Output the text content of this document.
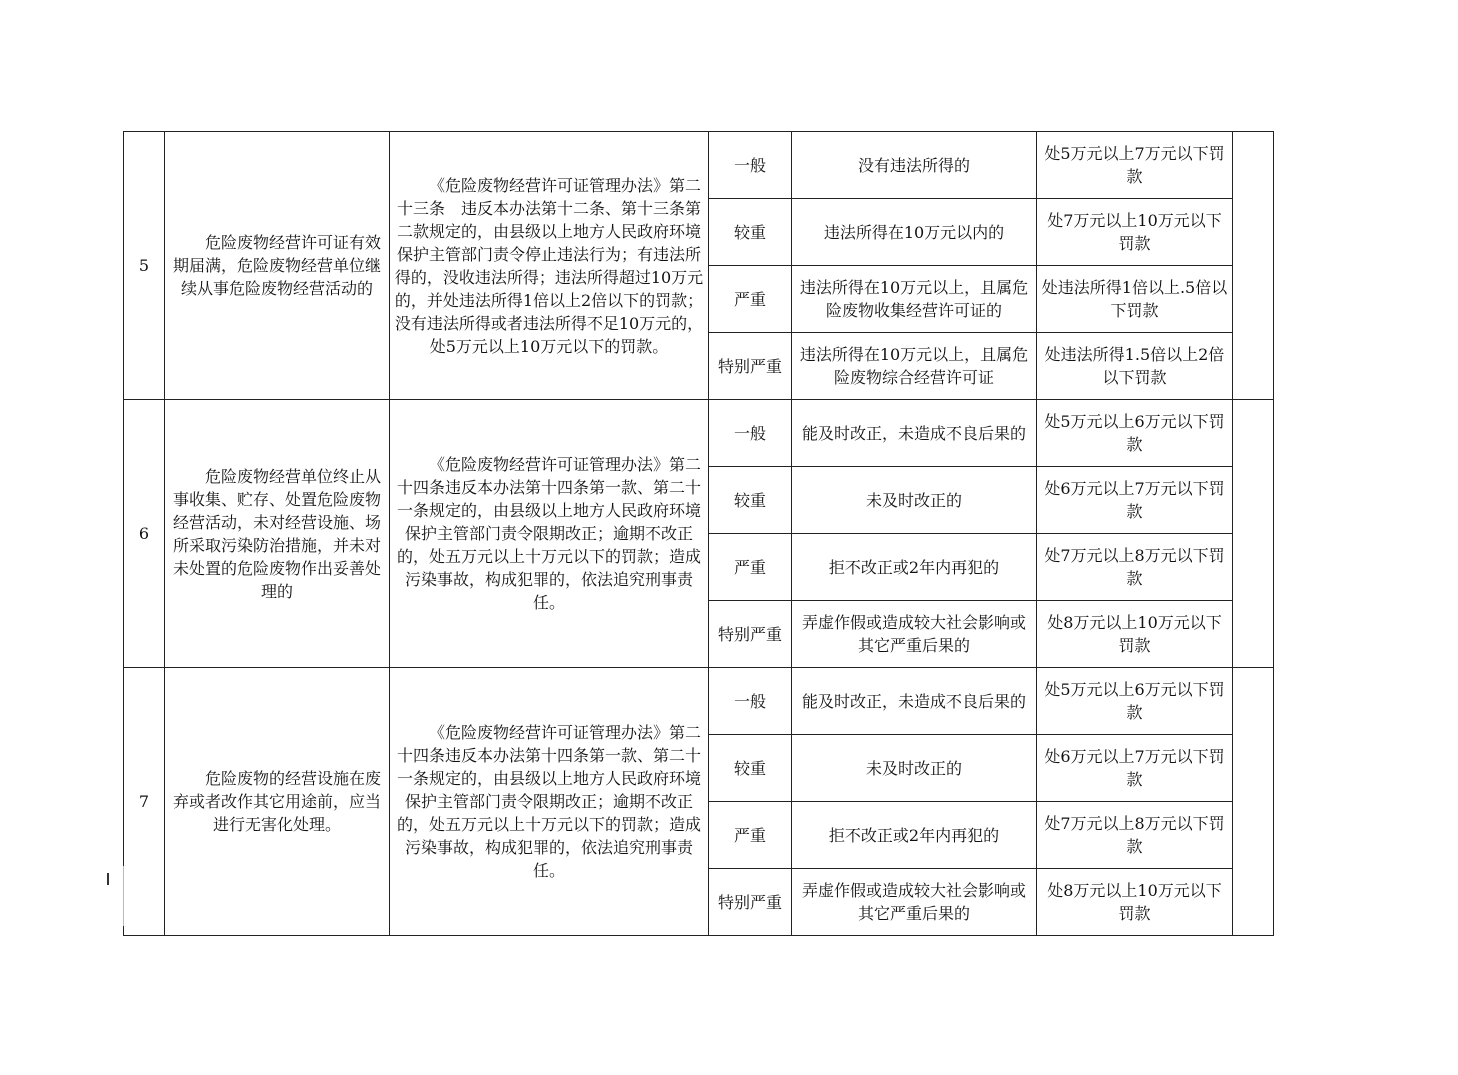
5	危险废物经营许可证有效期届满，危险废物经营单位继续从事危险废物经营活动的	《危险废物经营许可证管理办法》第二十三条　违反本办法第十二条、第十三条第二款规定的，由县级以上地方人民政府环境保护主管部门责令停止违法行为；有违法所得的，没收违法所得；违法所得超过10万元的，并处违法所得1倍以上2倍以下的罚款；没有违法所得或者违法所得不足10万元的，处5万元以上10万元以下的罚款。	一般	没有违法所得的	处5万元以上7万元以下罚款	
			较重	违法所得在10万元以内的	处7万元以上10万元以下罚款	
			严重	违法所得在10万元以上，且属危险废物收集经营许可证的	处违法所得1倍以上.5倍以下罚款	
			特别严重	违法所得在10万元以上，且属危险废物综合经营许可证	处违法所得1.5倍以上2倍以下罚款	
6	危险废物经营单位终止从事收集、贮存、处置危险废物经营活动，未对经营设施、场所采取污染防治措施，并未对未处置的危险废物作出妥善处理的	《危险废物经营许可证管理办法》第二十四条违反本办法第十四条第一款、第二十一条规定的，由县级以上地方人民政府环境保护主管部门责令限期改正；逾期不改正的，处五万元以上十万元以下的罚款；造成污染事故，构成犯罪的，依法追究刑事责任。	一般	能及时改正，未造成不良后果的	处5万元以上6万元以下罚款	
			较重	未及时改正的	处6万元以上7万元以下罚款	
			严重	拒不改正或2年内再犯的	处7万元以上8万元以下罚款	
			特别严重	弄虚作假或造成较大社会影响或其它严重后果的	处8万元以上10万元以下罚款	
7	危险废物的经营设施在废弃或者改作其它用途前，应当进行无害化处理。	《危险废物经营许可证管理办法》第二十四条违反本办法第十四条第一款、第二十一条规定的，由县级以上地方人民政府环境保护主管部门责令限期改正；逾期不改正的，处五万元以上十万元以下的罚款；造成污染事故，构成犯罪的，依法追究刑事责任。	一般	能及时改正，未造成不良后果的	处5万元以上6万元以下罚款	
			较重	未及时改正的	处6万元以上7万元以下罚款	
			严重	拒不改正或2年内再犯的	处7万元以上8万元以下罚款	
			特别严重	弄虚作假或造成较大社会影响或其它严重后果的	处8万元以上10万元以下罚款	
